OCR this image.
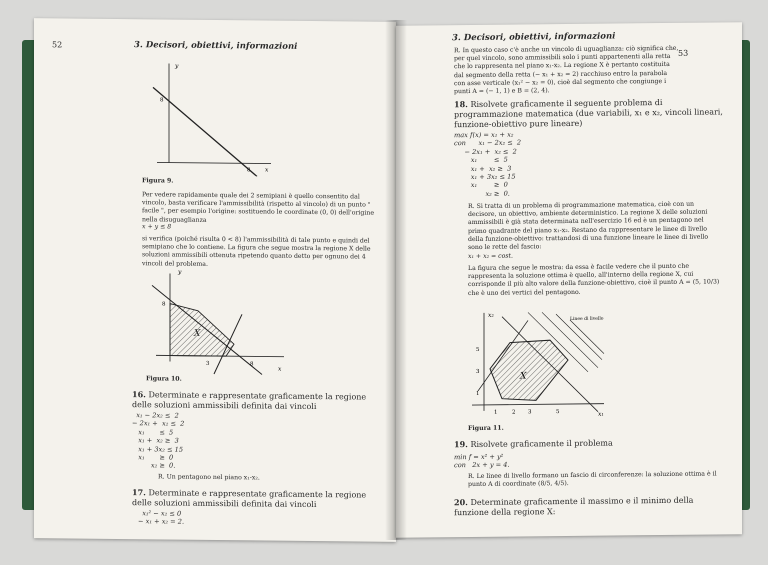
52	3. Decisori, obiettivi, informazioni
y
x
8
8
Figura 9.
Per vedere rapidamente quale dei 2 semipiani è quello consentito dal vincolo, basta verificare l'ammissibilità (rispetto al vincolo) di un punto " facile ", per esempio l'origine: sostituendo le coordinate (0, 0) dell'origine nella disuguaglianza
x + y ≤ 8
si verifica (poiché risulta 0 < 8) l'ammissibilità di tale punto e quindi del semipiano che lo contiene. La figura che segue mostra la regione X delle soluzioni ammissibili ottenuta ripetendo quanto detto per ognuno dei 4 vincoli del problema.
y
x
X
8
3	8
Figura 10.
16. Determinate e rappresentate graficamente la regione delle soluzioni ammissibili definita dai vincoli
x₁ − 2x₂ ≤  2
− 2x₁ +  x₂ ≤  2
x₁       ≤  5
x₁ +  x₂ ≥  3
x₁ + 3x₂ ≤ 15
x₁       ≥  0
x₂ ≥  0.
R. Un pentagono nel piano x₁-x₂.
17. Determinate e rappresentate graficamente la regione delle soluzioni ammissibili definita dai vincoli
x₁² − x₂ ≤ 0
− x₁ + x₂ = 2.
3. Decisori, obiettivi, informazioni
53
R. In questo caso c'è anche un vincolo di uguaglianza: ciò significa che, per quel vincolo, sono ammissibili solo i punti appartenenti alla retta che lo rappresenta nel piano x₁-x₂. La regione X è pertanto costituita dal segmento della retta (− x₁ + x₂ = 2) racchiuso entro la parabola con asse verticale (x₁² − x₂ = 0), cioè dal segmento che congiunge i punti A = (− 1, 1) e B = (2, 4).
18. Risolvete graficamente il seguente problema di programmazione matematica (due variabili, x₁ e x₂, vincoli lineari, funzione-obiettivo pure lineare)
max f(x) = x₁ + x₂
con      x₁ − 2x₂ ≤  2
− 2x₁ +  x₂ ≤  2
x₁        ≤  5
x₁ +  x₂ ≥  3
x₁ + 3x₂ ≤ 15
x₁        ≥  0
x₂ ≥  0.
R. Si tratta di un problema di programmazione matematica, cioè con un decisore, un obiettivo, ambiente deterministico. La regione X delle soluzioni ammissibili è già stata determinata nell'esercizio 16 ed è un pentagono nel primo quadrante del piano x₁-x₂. Restano da rappresentare le linee di livello della funzione-obiettivo: trattandosi di una funzione lineare le linee di livello sono le rette del fascio:
x₁ + x₂ = cost.
La figura che segue le mostra: da essa è facile vedere che il punto che rappresenta la soluzione ottima è quello, all'interno della regione X, cui corrisponde il più alto valore della funzione-obiettivo, cioè il punto A = (5, 10/3) che è uno dei vertici del pentagono.
x₂
x₁
X
Linee di livello
1	2 3	5
5
3
1
Figura 11.
19. Risolvete graficamente il problema
min f = x² + y²
con   2x + y = 4.
R. Le linee di livello formano un fascio di circonferenze: la soluzione ottima è il punto A di coordinate (8/5, 4/5).
20. Determinate graficamente il massimo e il minimo della funzione della regione X:
